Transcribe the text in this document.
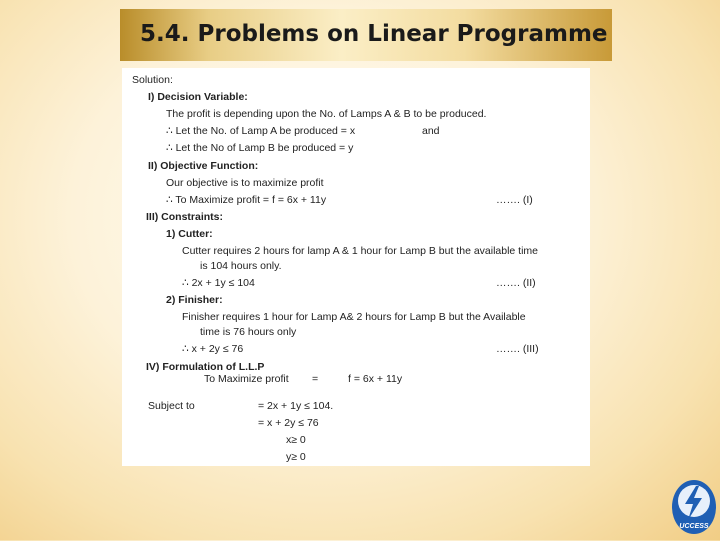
5.4. Problems on Linear Programme
Solution:
I) Decision Variable:
The profit is depending upon the No. of Lamps A & B to be produced.
∴ Let the No. of Lamp A be produced = x	and
∴ Let the No of Lamp B be produced = y
II) Objective Function:
Our objective is to maximize profit
∴ To Maximize profit = f = 6x + 11y	……. (I)
III) Constraints:
1) Cutter:
Cutter requires 2 hours for lamp A & 1 hour for Lamp B but the available time
is 104 hours only.
∴ 2x + 1y ≤ 104	……. (II)
2) Finisher:
Finisher requires 1 hour for Lamp A& 2 hours for Lamp B but the Available
time is 76 hours only
∴ x + 2y ≤ 76	……. (III)
IV) Formulation of L.L.P
To Maximize profit =	f = 6x + 11y
Subject to	= 2x + 1y ≤ 104.
= x + 2y ≤ 76
x≥ 0
y≥ 0
UCCESS
